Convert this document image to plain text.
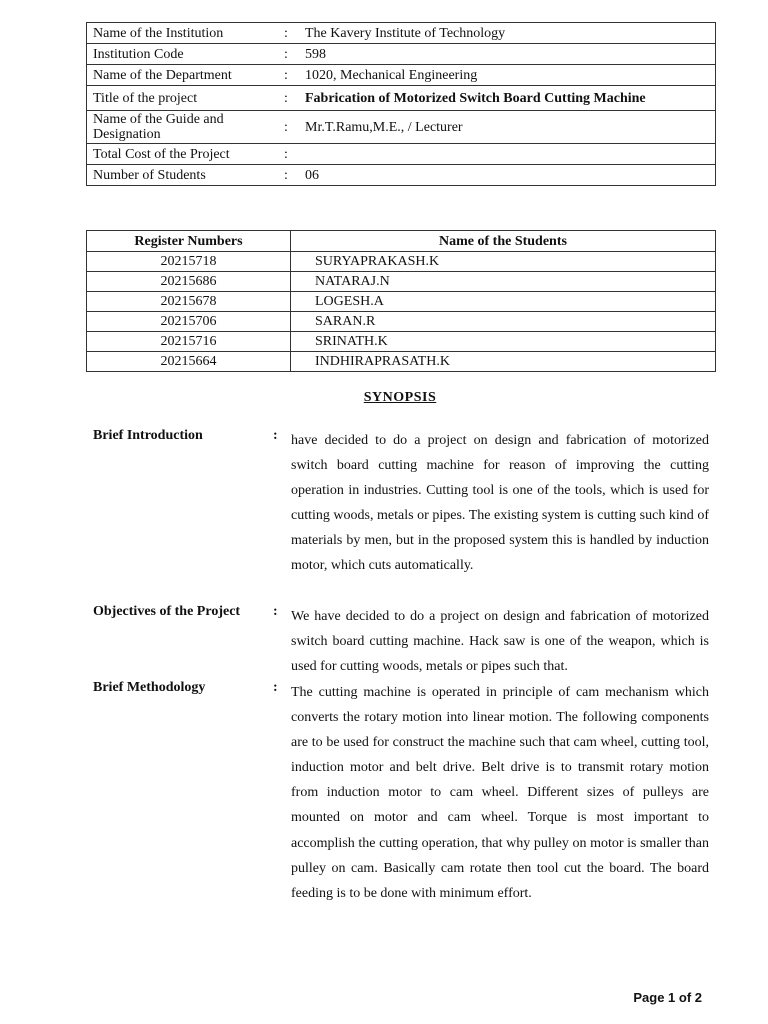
Name of the Institution	:	The Kavery Institute of Technology
Institution Code	:	598
Name of the Department	:	1020, Mechanical Engineering
Title of the project	:	Fabrication of Motorized Switch Board Cutting Machine
Name of the Guide and Designation	:	Mr.T.Ramu,M.E., / Lecturer
Total Cost of the Project	:	
Number of Students	:	06
Register Numbers	Name of the Students
20215718	SURYAPRAKASH.K
20215686	NATARAJ.N
20215678	LOGESH.A
20215706	SARAN.R
20215716	SRINATH.K
20215664	INDHIRAPRASATH.K
SYNOPSIS
Brief Introduction	: have decided to do a project on design and fabrication of motorized switch board cutting machine for reason of improving the cutting operation in industries. Cutting tool is one of the tools, which is used for cutting woods, metals or pipes. The existing system is cutting such kind of materials by men, but in the proposed system this is handled by induction motor, which cuts automatically.
Objectives of the Project : We have decided to do a project on design and fabrication of motorized switch board cutting machine. Hack saw is one of the weapon, which is used for cutting woods, metals or pipes such that.
Brief Methodology	: The cutting machine is operated in principle of cam mechanism which converts the rotary motion into linear motion. The following components are to be used for construct the machine such that cam wheel, cutting tool, induction motor and belt drive. Belt drive is to transmit rotary motion from induction motor to cam wheel. Different sizes of pulleys are mounted on motor and cam wheel. Torque is most important to accomplish the cutting operation, that why pulley on motor is smaller than pulley on cam. Basically cam rotate then tool cut the board. The board feeding is to be done with minimum effort.
Page 1 of 2
